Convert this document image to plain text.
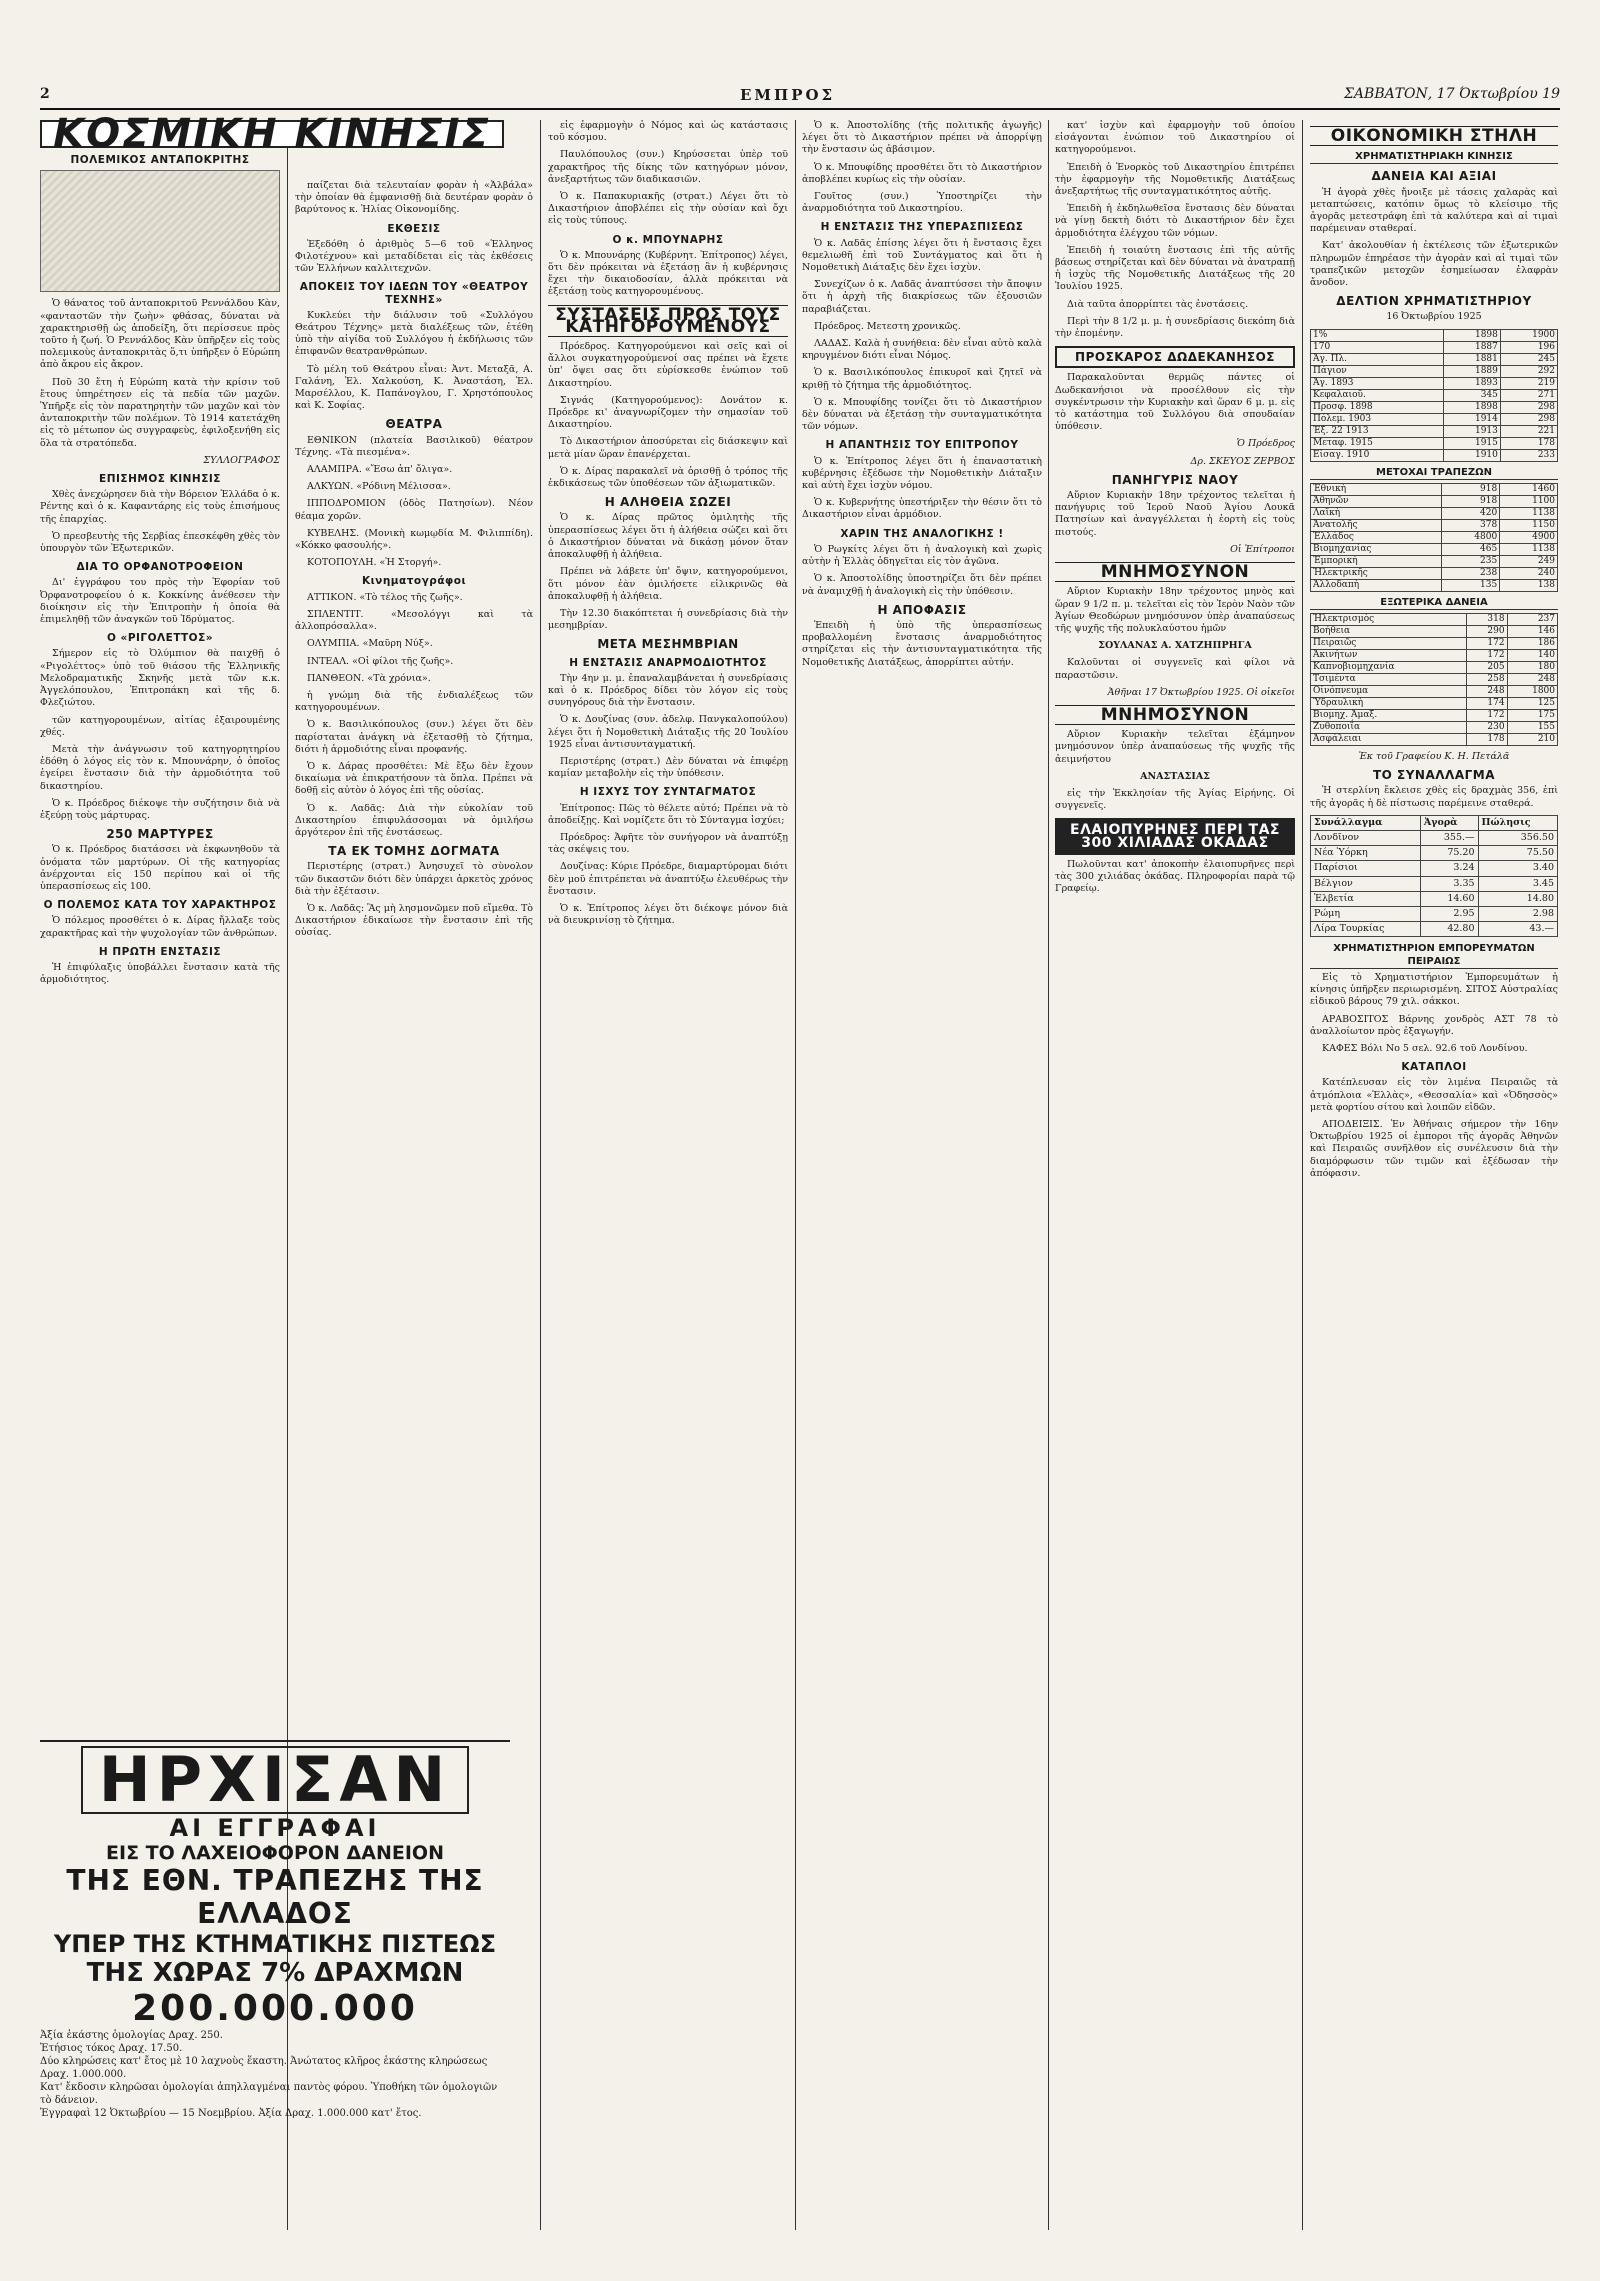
2	ΕΜΠΡΟΣ	ΣΑΒΒΑΤΟΝ, 17 Όκτωβρίου 19
ΚΟΣΜΙΚΗ ΚΙΝΗΣΙΣ
ΠΟΛΕΜΙΚΟΣ ΑΝΤΑΠΟΚΡΙΤΗΣ

Ὁ θάνατος τοῦ ἀνταποκριτοῦ Ρεννάλδου Κὰν, «φανταστῶν τὴν ζωὴν» φθάσας, δύναται νὰ χαρακτηρισθῇ ὡς ἀποδείξη, ὅτι περίσσευε πρὸς τοῦτο ἡ ζωή. Ὁ Ρεννάλδος Κὰν ὑπῆρξεν εἰς τοὺς πολεμικοὺς ἀνταποκριτὰς ὅ,τι ὑπῆρξεν ὁ Εὐρώπη ἀπὸ ἄκρου εἰς ἄκρον.

Ποῦ 30 ἔτη ἡ Εὐρώπη κατὰ τὴν κρίσιν τοῦ ἔτους ὑπηρέτησεν εἰς τὰ πεδία τῶν μαχῶν. Ὑπῆρξε εἰς τὸν παρατηρητὴν τῶν μαχῶν καὶ τὸν ἀνταποκριτὴν τῶν πολέμων. Τὸ 1914 κατετάχθη εἰς τὸ μέτωπον ὡς συγγραφεὺς, ἐφιλοξενήθη εἰς ὅλα τὰ στρατόπεδα.

ΣΥΛΛΟΓΡΑΦΟΣ

ΕΠΙΣΗΜΟΣ ΚΙΝΗΣΙΣ

Χθὲς ἀνεχώρησεν διὰ τὴν Βόρειον Ἑλλάδα ὁ κ. Ρέντης καὶ ὁ κ. Καφαντάρης εἰς τοὺς ἐπισήμους τῆς ἐπαρχίας.

Ὁ πρεσβευτὴς τῆς Σερβίας ἐπεσκέφθη χθὲς τὸν ὑπουργὸν τῶν Ἐξωτερικῶν.

ΔΙΑ ΤΟ ΟΡΦΑΝΟΤΡΟΦΕΙΟΝ

Δι' ἐγγράφου του πρὸς τὴν Ἐφορίαν τοῦ Ὀρφανοτροφείου ὁ κ. Κοκκίνης ἀνέθεσεν τὴν διοίκησιν εἰς τὴν Ἐπιτροπὴν ἡ ὁποία θὰ ἐπιμεληθῇ τῶν ἀναγκῶν τοῦ Ἱδρύματος.

Ο «ΡΙΓΟΛΕΤΤΟΣ»

Σήμερον εἰς τὸ Ὀλύμπιον θὰ παιχθῇ ὁ «Ριγολέττος» ὑπὸ τοῦ θιάσου τῆς Ἑλληνικῆς Μελοδραματικῆς Σκηνῆς μετὰ τῶν κ.κ. Ἀγγελόπουλου, Ἐπιτροπάκη καὶ τῆς δ. Φλεζιώτου.

τῶν κατηγορουμένων, αἰτίας ἐξαιρουμένης χθές.

Μετὰ τὴν ἀνάγνωσιν τοῦ κατηγορητηρίου ἐδόθη ὁ λόγος εἰς τὸν κ. Μπουνάρην, ὁ ὁποῖος ἐγείρει ἔνστασιν διὰ τὴν ἁρμοδιότητα τοῦ δικαστηρίου.

Ὁ κ. Πρόεδρος διέκοψε τὴν συζήτησιν διὰ νὰ ἐξεύρῃ τοὺς μάρτυρας.

250 ΜΑΡΤΥΡΕΣ

Ὁ κ. Πρόεδρος διατάσσει νὰ ἐκφωνηθοῦν τὰ ὀνόματα τῶν μαρτύρων. Οἱ τῆς κατηγορίας ἀνέρχονται εἰς 150 περίπου καὶ οἱ τῆς ὑπερασπίσεως εἰς 100.

Ο ΠΟΛΕΜΟΣ ΚΑΤΑ ΤΟΥ ΧΑΡΑΚΤΗΡΟΣ

Ὁ πόλεμος προσθέτει ὁ κ. Δίρας ἤλλαξε τοὺς χαρακτῆρας καὶ τὴν ψυχολογίαν τῶν ἀνθρώπων.

Η ΠΡΩΤΗ ΕΝΣΤΑΣΙΣ

Ἡ ἐπιφύλαξις ὑποβάλλει ἔνστασιν κατὰ τῆς ἁρμοδιότητος.

παίζεται διὰ τελευταίαν φορὰν ἡ «Ἀλβάλα» τὴν ὁποίαν θὰ ἐμφανισθῇ διὰ δευτέραν φορὰν ὁ βαρύτονος κ. Ἠλίας Οἰκονομίδης.

ΕΚΘΕΣΙΣ

Ἐξεδόθη ὁ ἀριθμὸς 5—6 τοῦ «Ἑλληνος Φιλοτέχνου» καὶ μεταδίδεται εἰς τὰς ἐκθέσεις τῶν Ἑλλήνων καλλιτεχνῶν.

ΑΠΟΚΕΙΣ ΤΟΥ ΙΔΕΩΝ ΤΟΥ «ΘΕΑΤΡΟΥ ΤΕΧΝΗΣ»

Κυκλεύει τὴν διάλυσιν τοῦ «Συλλόγου Θεάτρου Τέχνης» μετὰ διαλέξεως τῶν, ἐτέθη ὑπὸ τὴν αἰγίδα τοῦ Συλλόγου ἡ ἐκδήλωσις τῶν ἐπιφανῶν θεατρανθρώπων.

Τὸ μέλη τοῦ Θεάτρου εἶναι: Ἀντ. Μεταξᾶ, Α. Γαλάνη, Ἐλ. Χαλκούση, Κ. Ἀναστάση, Ἐλ. Μαρσέλλου, Κ. Παπάνογλου, Γ. Χρηστόπουλος καὶ Κ. Σοφίας.

ΘΕΑΤΡΑ

ΕΘΝΙΚΟΝ (πλατεία Βασιλικοῦ) θέατρον Τέχνης. «Τὰ πιεσμένα».

ΑΛΑΜΠΡΑ. «Ἔσω ἀπ' ὄλιγα».

ΑΛΚΥΩΝ. «Ρόδινη Μέλισσα».

ΙΠΠΟΔΡΟΜΙΟΝ (ὁδὸς Πατησίων). Νέον θέαμα χορῶν.

ΚΥΒΕΛΗΣ. (Μονικὴ κωμῳδία Μ. Φιλιππίδη). «Κόκκο φασουλής».

ΚΟΤΟΠΟΥΛΗ. «Ἡ Στοργή».

Κινηματογράφοι

ΑΤΤΙΚΟΝ. «Τὸ τέλος τῆς ζωῆς».

ΣΠΛΕΝΤΙΤ. «Μεσολόγγι καὶ τὰ ἀλλοπρόσαλλα».

ΟΛΥΜΠΙΑ. «Μαῦρη Νύξ».

ΙΝΤΕΑΛ. «Οἱ φίλοι τῆς ζωῆς».

ΠΑΝΘΕΟΝ. «Τὰ χρόνια».

ἡ γνώμη διὰ τῆς ἐνδιαλέξεως τῶν κατηγορουμένων.

Ὁ κ. Βασιλικόπουλος (συν.) λέγει ὅτι δὲν παρίσταται ἀνάγκη νὰ ἐξετασθῇ τὸ ζήτημα, διότι ἡ ἁρμοδιότης εἶναι προφανής.

Ὁ κ. Δάρας προσθέτει: Μὲ ἔξω δὲν ἔχουν δικαίωμα νὰ ἐπικρατήσουν τὰ ὅπλα. Πρέπει νὰ δοθῇ εἰς αὐτὸν ὁ λόγος ἐπὶ τῆς οὐσίας.

Ὁ κ. Λαδᾶς: Διὰ τὴν εὐκολίαν τοῦ Δικαστηρίου ἐπιφυλάσσομαι νὰ ὁμιλήσω ἀργότερον ἐπὶ τῆς ἐνστάσεως.

ΤΑ ΕΚ ΤΟΜΗΣ ΔΟΓΜΑΤΑ

Περιστέρης (στρατ.) Ἀνησυχεῖ τὸ σὺνολον τῶν δικαστῶν διότι δὲν ὑπάρχει ἀρκετὸς χρόνος διὰ τὴν ἐξέτασιν.

Ὁ κ. Λαδᾶς: Ἂς μὴ λησμονῶμεν ποῦ εἴμεθα. Τὸ Δικαστήριον ἐδικαίωσε τὴν ἔνστασιν ἐπὶ τῆς οὐσίας.

εἰς ἐφαρμογὴν ὁ Νόμος καὶ ὡς κατάστασις τοῦ κόσμου.

Παυλόπουλος (συν.) Κηρύσσεται ὑπὲρ τοῦ χαρακτῆρος τῆς δίκης τῶν κατηγόρων μόνον, ἀνεξαρτήτως τῶν διαδικασιῶν.

Ὁ κ. Παπακυριακῆς (στρατ.) Λέγει ὅτι τὸ Δικαστήριον ἀποβλέπει εἰς τὴν οὐσίαν καὶ ὄχι εἰς τοὺς τύπους.

Ο κ. ΜΠΟΥΝΑΡΗΣ

Ὁ κ. Μπουνάρης (Κυβέρνητ. Ἐπίτροπος) λέγει, ὅτι δὲν πρόκειται νὰ ἐξετάσῃ ἂν ἡ κυβέρνησις ἔχει τὴν δικαιοδοσίαν, ἀλλὰ πρόκειται νὰ ἐξετάσῃ τοὺς κατηγορουμένους.

ΣΥΣΤΑΣΕΙΣ ΠΡΟΣ ΤΟΥΣ ΚΑΤΗΓΟΡΟΥΜΕΝΟΥΣ

Πρόεδρος. Κατηγορούμενοι καὶ σεῖς καὶ οἱ ἄλλοι συγκατηγορούμενοί σας πρέπει νὰ ἔχετε ὑπ' ὄψει σας ὅτι εὑρίσκεσθε ἐνώπιον τοῦ Δικαστηρίου.

Σιγνάς (Κατηγορούμενος): Δονάτον κ. Πρόεδρε κι' ἀναγνωρίζομεν τὴν σημασίαν τοῦ Δικαστηρίου.

Τὸ Δικαστήριον ἀποσύρεται εἰς διάσκεψιν καὶ μετὰ μίαν ὥραν ἐπανέρχεται.

Ὁ κ. Δίρας παρακαλεῖ νὰ ὁρισθῇ ὁ τρόπος τῆς ἐκδικάσεως τῶν ὑποθέσεων τῶν ἀξιωματικῶν.

Η ΑΛΗΘΕΙΑ ΣΩΖΕΙ

Ὁ κ. Δίρας πρῶτος ὁμιλητὴς τῆς ὑπερασπίσεως λέγει ὅτι ἡ ἀλήθεια σώζει καὶ ὅτι ὁ Δικαστήριον δύναται νὰ δικάσῃ μόνον ὅταν ἀποκαλυφθῇ ἡ ἀλήθεια.

Πρέπει νὰ λάβετε ὑπ' ὄψιν, κατηγορούμενοι, ὅτι μόνον ἐὰν ὁμιλήσετε εἰλικρινῶς θὰ ἀποκαλυφθῇ ἡ ἀλήθεια.

Τὴν 12.30 διακόπτεται ἡ συνεδρίασις διὰ τὴν μεσημβρίαν.

ΜΕΤΑ ΜΕΣΗΜΒΡΙΑΝ
Η ΕΝΣΤΑΣΙΣ ΑΝΑΡΜΟΔΙΟΤΗΤΟΣ

Τὴν 4ην μ. μ. ἐπαναλαμβάνεται ἡ συνεδρίασις καὶ ὁ κ. Πρόεδρος δίδει τὸν λόγον εἰς τοὺς συνηγόρους διὰ τὴν ἔνστασιν.

Ὁ κ. Δουζίνας (συν. ἀδελφ. Πανγκαλοπούλου) λέγει ὅτι ἡ Νομοθετικὴ Διάταξις τῆς 20 Ἰουλίου 1925 εἶναι ἀντισυνταγματική.

Περιστέρης (στρατ.) Δὲν δύναται νὰ ἐπιφέρῃ καμίαν μεταβολὴν εἰς τὴν ὑπόθεσιν.

Η ΙΣΧΥΣ ΤΟΥ ΣΥΝΤΑΓΜΑΤΟΣ

Ἐπίτροπος: Πῶς τὸ θέλετε αὐτό; Πρέπει νὰ τὸ ἀποδείξῃς. Καὶ νομίζετε ὅτι τὸ Σύνταγμα ἰσχύει;

Πρόεδρος: Ἀφῆτε τὸν συνήγορον νὰ ἀναπτύξῃ τὰς σκέψεις του.

Δουζίνας: Κύριε Πρόεδρε, διαμαρτύρομαι διότι δὲν μοῦ ἐπιτρέπεται νὰ ἀναπτύξω ἐλευθέρως τὴν ἔνστασιν.

Ὁ κ. Ἐπίτροπος λέγει ὅτι διέκοψε μόνον διὰ νὰ διευκρινίσῃ τὸ ζήτημα.

Ὁ κ. Ἀποστολίδης (τῆς πολιτικῆς ἀγωγῆς) λέγει ὅτι τὸ Δικαστήριον πρέπει νὰ ἀπορρίψῃ τὴν ἔνστασιν ὡς ἀβάσιμον.

Ὁ κ. Μπουφίδης προσθέτει ὅτι τὸ Δικαστήριον ἀποβλέπει κυρίως εἰς τὴν οὐσίαν.

Γουῖτος (συν.) Ὑποστηρίζει τὴν ἀναρμοδιότητα τοῦ Δικαστηρίου.

Η ΕΝΣΤΑΣΙΣ ΤΗΣ ΥΠΕΡΑΣΠΙΣΕΩΣ

Ὁ κ. Λαδᾶς ἐπίσης λέγει ὅτι ἡ ἔνστασις ἔχει θεμελιωθῆ ἐπὶ τοῦ Συντάγματος καὶ ὅτι ἡ Νομοθετικὴ Διάταξις δὲν ἔχει ἰσχὺν.

Συνεχίζων ὁ κ. Λαδᾶς ἀναπτύσσει τὴν ἄποψιν ὅτι ἡ ἀρχὴ τῆς διακρίσεως τῶν ἐξουσιῶν παραβιάζεται.

Πρόεδρος. Μετεστη χρονικῶς.

ΛΑΔΑΣ. Καλὰ ἡ συνήθεια: δὲν εἶναι αὐτὸ καλὰ κηρυγμένον διότι εἶναι Νόμος.

Ὁ κ. Βασιλικόπουλος ἐπικυροῖ καὶ ζητεῖ νὰ κριθῇ τὸ ζήτημα τῆς ἁρμοδιότητος.

Ὁ κ. Μπουφίδης τονίζει ὅτι τὸ Δικαστήριον δὲν δύναται νὰ ἐξετάσῃ τὴν συνταγματικότητα τῶν νόμων.

Η ΑΠΑΝΤΗΣΙΣ ΤΟΥ ΕΠΙΤΡΟΠΟΥ

Ὁ κ. Ἐπίτροπος λέγει ὅτι ἡ ἐπαναστατικὴ κυβέρνησις ἐξέδωσε τὴν Νομοθετικὴν Διάταξιν καὶ αὐτὴ ἔχει ἰσχὺν νόμου.

Ὁ κ. Κυβερνήτης ὑπεστήριξεν τὴν θέσιν ὅτι τὸ Δικαστήριον εἶναι ἁρμόδιον.

ΧΑΡΙΝ ΤΗΣ ΑΝΑΛΟΓΙΚΗΣ !

Ὁ Ρωγκίτς λέγει ὅτι ἡ ἀναλογικὴ καὶ χωρὶς αὐτὴν ἡ Ἑλλὰς ὁδηγεῖται εἰς τὸν ἀγῶνα.

Ὁ κ. Ἀποστολίδης ὑποστηρίζει ὅτι δὲν πρέπει νὰ ἀναμιχθῇ ἡ ἀναλογικὴ εἰς τὴν ὑπόθεσιν.

Η ΑΠΟΦΑΣΙΣ

Ἐπειδὴ ἡ ὑπὸ τῆς ὑπερασπίσεως προβαλλομένη ἔνστασις ἀναρμοδιότητος στηρίζεται εἰς τὴν ἀντισυνταγματικότητα τῆς Νομοθετικῆς Διατάξεως, ἀπορρίπτει αὐτήν.

κατ' ἰσχὺν καὶ ἐφαρμογὴν τοῦ ὁποίου εἰσάγονται ἐνώπιον τοῦ Δικαστηρίου οἱ κατηγορούμενοι.

Ἐπειδὴ ὁ Ἐνορκὸς τοῦ Δικαστηρίου ἐπιτρέπει τὴν ἐφαρμογὴν τῆς Νομοθετικῆς Διατάξεως ἀνεξαρτήτως τῆς συνταγματικότητος αὐτῆς.

Ἐπειδὴ ἡ ἐκδηλωθεῖσα ἔνστασις δὲν δύναται νὰ γίνῃ δεκτὴ διότι τὸ Δικαστήριον δὲν ἔχει ἁρμοδιότητα ἐλέγχου τῶν νόμων.

Ἐπειδὴ ἡ τοιαύτη ἔνστασις ἐπὶ τῆς αὐτῆς βάσεως στηρίζεται καὶ δὲν δύναται νὰ ἀνατραπῇ ἡ ἰσχὺς τῆς Νομοθετικῆς Διατάξεως τῆς 20 Ἰουλίου 1925.

Διὰ ταῦτα ἀπορρίπτει τὰς ἐνστάσεις.

Περὶ τὴν 8 1/2 μ. μ. ἡ συνεδρίασις διεκόπη διὰ τὴν ἐπομένην.

ΠΡΟΣΚΑΡΟΣ ΔΩΔΕΚΑΝΗΣΟΣ

Παρακαλοῦνται θερμῶς πάντες οἱ Δωδεκανήσιοι νὰ προσέλθουν εἰς τὴν συγκέντρωσιν τὴν Κυριακὴν καὶ ὥραν 6 μ. μ. εἰς τὸ κατάστημα τοῦ Συλλόγου διὰ σπουδαίαν ὑπόθεσιν.

Ὁ Πρόεδρος

Δρ. ΣΚΕΥΟΣ ΖΕΡΒΟΣ

ΠΑΝΗΓΥΡΙΣ ΝΑΟΥ

Αὔριον Κυριακὴν 18ην τρέχοντος τελεῖται ἡ πανήγυρις τοῦ Ἱεροῦ Ναοῦ Ἁγίου Λουκᾶ Πατησίων καὶ ἀναγγέλλεται ἡ ἑορτὴ εἰς τοὺς πιστούς.

Οἱ Ἐπίτροποι

ΜΝΗΜΟΣΥΝΟΝ

Αὔριον Κυριακὴν 18ην τρέχοντος μηνὸς καὶ ὥραν 9 1/2 π. μ. τελεῖται εἰς τὸν Ἱερὸν Ναὸν τῶν Ἁγίων Θεοδώρων μνημόσυνον ὑπὲρ ἀναπαύσεως τῆς ψυχῆς τῆς πολυκλαύστου ἡμῶν

ΣΟΥΛΑΝΑΣ Α. ΧΑΤΖΗΠΡΗΓΑ

Καλοῦνται οἱ συγγενεῖς καὶ φίλοι νὰ παραστῶσιν.

Ἀθῆναι 17 Ὀκτωβρίου 1925. Οἱ οἰκεῖοι

ΜΝΗΜΟΣΥΝΟΝ

Αὔριον Κυριακὴν τελεῖται ἐξάμηνον μνημόσυνον ὑπὲρ ἀναπαύσεως τῆς ψυχῆς τῆς ἀειμνήστου

ΑΝΑΣΤΑΣΙΑΣ

εἰς τὴν Ἐκκλησίαν τῆς Ἁγίας Εἰρήνης. Οἱ συγγενεῖς.

ΕΛΑΙΟΠΥΡΗΝΕΣ ΠΕΡΙ ΤΑΣ 300 ΧΙΛΙΑΔΑΣ ΟΚΑΔΑΣ

Πωλοῦνται κατ' ἀποκοπὴν ἐλαιοπυρῆνες περὶ τὰς 300 χιλιάδας ὀκάδας. Πληροφορίαι παρὰ τῷ Γραφείῳ.

ΟΙΚΟΝΟΜΙΚΗ ΣΤΗΛΗ
ΧΡΗΜΑΤΙΣΤΗΡΙΑΚΗ ΚΙΝΗΣΙΣ
ΔΑΝΕΙΑ ΚΑΙ ΑΞΙΑΙ

Ἡ ἀγορὰ χθὲς ἤνοιξε μὲ τάσεις χαλαρὰς καὶ μεταπτώσεις, κατόπιν ὅμως τὸ κλείσιμο τῆς ἀγορᾶς μετεστράφη ἐπὶ τὰ καλύτερα καὶ αἱ τιμαὶ παρέμειναν σταθεραί.

Κατ' ἀκολουθίαν ἡ ἐκτέλεσις τῶν ἐξωτερικῶν πληρωμῶν ἐπηρέασε τὴν ἀγορὰν καὶ αἱ τιμαὶ τῶν τραπεζικῶν μετοχῶν ἐσημείωσαν ἐλαφρὰν ἄνοδον.

ΔΕΛΤΙΟΝ ΧΡΗΜΑΤΙΣΤΗΡΙΟΥ

16 Ὀκτωβρίου 1925

1%	1898	1900
170	1887	196
Ἀγ. Πλ.	1881	245
Πάγιον	1889	292
Ἀγ. 1893	1893	219
Κεφαλαιοῦ.	345	271
Προσφ. 1898	1898	298
Πόλεμ. 1903	1914	298
Ἐξ. 22 1913	1913	221
Μεταφ. 1915	1915	178
Εἰσαγ. 1910	1910	233
ΜΕΤΟΧΑΙ ΤΡΑΠΕΖΩΝ
Ἐθνικὴ	918	1460
Ἀθηνῶν	918	1100
Λαϊκὴ	420	1138
Ἀνατολῆς	378	1150
Ἑλλάδος	4800	4900
Βιομηχανίας	465	1138
Ἐμπορικὴ	235	249
Ἠλεκτρικῆς	238	240
Ἀλλοδαπὴ	135	138
ΕΞΩΤΕΡΙΚΑ ΔΑΝΕΙΑ
Ἡλεκτρισμὸς	318	237
Βοήθεια	290	146
Πειραιῶς	172	186
Ἀκινήτων	172	140
Καπνοβιομηχανία	205	180
Τσιμέντα	258	248
Οἰνόπνευμα	248	1800
Ὑδραυλικὴ	174	125
Βιομηχ. Ἀμαξ.	172	175
Ζυθοποιΐα	230	155
Ἀσφάλειαι	178	210

Ἐκ τοῦ Γραφείου Κ. Η. Πετάλᾶ

ΤΟ ΣΥΝΑΛΛΑΓΜΑ

Ἡ στερλίνη ἔκλεισε χθὲς εἰς δραχμὰς 356, ἐπὶ τῆς ἀγορᾶς ἡ δὲ πίστωσις παρέμεινε σταθερά.

Συνάλλαγμα	Ἀγορὰ	Πώλησις
Λονδῖνον	355.—	356.50
Νέα Ὑόρκη	75.20	75.50
Παρίσιοι	3.24	3.40
Βέλγιον	3.35	3.45
Ἑλβετία	14.60	14.80
Ρώμη	2.95	2.98
Λίρα Τουρκίας	42.80	43.—
ΧΡΗΜΑΤΙΣΤΗΡΙΟΝ ΕΜΠΟΡΕΥΜΑΤΩΝ ΠΕΙΡΑΙΩΣ

Εἰς τὸ Χρηματιστήριον Ἐμπορευμάτων ἡ κίνησις ὑπῆρξεν περιωρισμένη. ΣΙΤΟΣ Αὐστραλίας εἰδικοῦ βάρους 79 χιλ. σάκκοι.

ΑΡΑΒΟΣΙΤΟΣ Βάρνης χονδρὸς ΑΣΤ 78 τὸ ἀναλλοίωτον πρὸς ἐξαγωγήν.

ΚΑΦΕΣ Βόλι Νο 5 σελ. 92.6 τοῦ Λονδίνου.

ΚΑΤΑΠΛΟΙ

Κατέπλευσαν εἰς τὸν λιμένα Πειραιῶς τὰ ἀτμόπλοια «Ἑλλὰς», «Θεσσαλία» καὶ «Ὀδησσὸς» μετὰ φορτίου σίτου καὶ λοιπῶν εἰδῶν.

ΑΠΟΔΕΙΞΙΣ. Ἐν Ἀθήναις σήμερον τὴν 16ην Ὀκτωβρίου 1925 οἱ ἐμποροι τῆς ἀγορᾶς Ἀθηνῶν καὶ Πειραιῶς συνῆλθον εἰς συνέλευσιν διὰ τὴν διαμόρφωσιν τῶν τιμῶν καὶ ἐξέδωσαν τὴν ἀπόφασιν.

ΗΡΧΙΣΑΝ
ΑΙ ΕΓΓΡΑΦΑΙ
ΕΙΣ ΤΟ ΛΑΧΕΙΟΦΟΡΟΝ ΔΑΝΕΙΟΝ
ΤΗΣ ΕΘΝ. ΤΡΑΠΕΖΗΣ ΤΗΣ ΕΛΛΑΔΟΣ
ΥΠΕΡ ΤΗΣ ΚΤΗΜΑΤΙΚΗΣ ΠΙΣΤΕΩΣ
ΤΗΣ ΧΩΡΑΣ 7% ΔΡΑΧΜΩΝ
200.000.000
Ἀξία ἐκάστης ὁμολογίας Δραχ. 250.
Ἐτήσιος τόκος Δραχ. 17.50.
Δύο κληρώσεις κατ' ἔτος μὲ 10 λαχνοὺς ἕκαστη. Ἀνώτατος κλῆρος ἑκάστης κληρώσεως Δραχ. 1.000.000.
Κατ' ἔκδοσιν κληρῶσαι ὁμολογίαι ἀπηλλαγμέναι παντὸς φόρου. Ὑποθήκη τῶν ὁμολογιῶν τὸ δάνειον.
Ἐγγραφαὶ 12 Ὀκτωβρίου — 15 Νοεμβρίου. Ἀξία Δραχ. 1.000.000 κατ' ἔτος.
